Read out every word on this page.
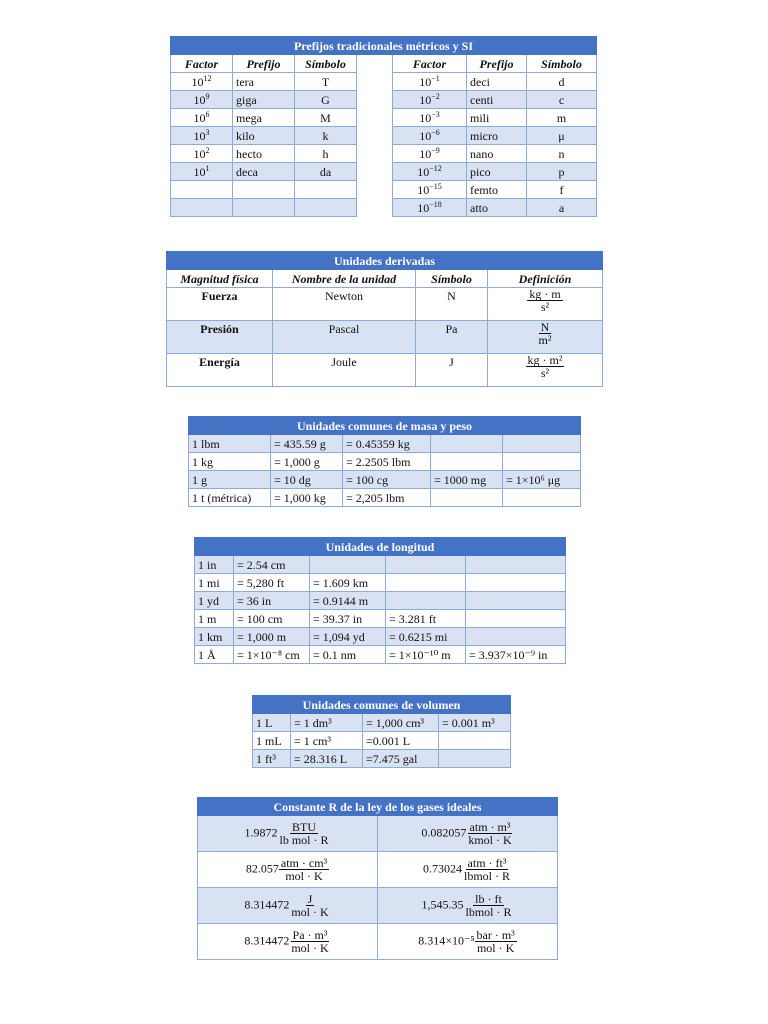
Prefijos tradicionales métricos y SI						
Factor	Prefijo	Símbolo		Factor	Prefijo	Símbolo
$10^{12}$	tera	T		$10^{-1}$	deci	d
$10^9$	giga	G		$10^{-2}$	centi	c
$10^6$	mega	M		$10^{-3}$	mili	m
$10^3$	kilo	k		$10^{-6}$	micro	μ
$10^2$	hecto	h		$10^{-9}$	nano	n
$10^1$	deca	da		$10^{-12}$	pico	p
				$10^{-15}$	femto	f
				$10^{-18}$	atto	a
Unidades derivadas			
Magnitud física	Nombre de la unidad	Símbolo	Definición
Fuerza	Newton	N	$\frac{kg \cdot m}{\text{s²}}$

Presión	Pascal	Pa	$\frac{N}{\text{m²}}$

Energía	Joule	J	$\frac{\text{kg · m²}}{\text{s²}}$
Unidades comunes de masa y peso				
1 lbm	= 435.59 g	= 0.45359 kg		
1 kg	= 1,000 g	= 2.2505 lbm		
1 g	= 10 dg	= 100 cg	= 1000 mg	= 1×10⁶ μg
1 t (métrica)	= 1,000 kg	= 2,205 lbm		
Unidades de longitud				
1 in	= 2.54 cm			
1 mi	= 5,280 ft	= 1.609 km		
1 yd	= 36 in	= 0.9144 m		
1 m	= 100 cm	= 39.37 in	= 3.281 ft	
1 km	= 1,000 m	= 1,094 yd	= 0.6215 mi	
1 Å	= 1×10⁻⁸ cm	= 0.1 nm	= 1×10⁻¹⁰ m	= 3.937×10⁻⁹ in
Unidades comunes de volumen			
1 L	= 1 dm³	= 1,000 cm³	= 0.001 m³
1 mL	= 1 cm³	=0.001 L	
1 ft³	= 28.316 L	=7.475 gal	
Constante R de la ley de los gases ideales	
$1.9872 \frac{\text{BTU}}{\text{lb mol · R}}$	$0.082057 \frac{\text{atm · m³}}{\text{kmol · K}}$

$82.057 \frac{\text{atm · cm³}}{\text{mol · K}}$	$0.73024 \frac{\text{atm · ft³}}{\text{lbmol · R}}$

$8.314472 \frac{J}{\text{mol · K}}$	$1,545.35 \frac{lb \cdot ft}{\text{lbmol · R}}$

$8.314472 \frac{\text{Pa · m³}}{\text{mol · K}}$	$8.314\times 10^{-5} \frac{\text{bar · m³}}{\text{mol · K}}$
